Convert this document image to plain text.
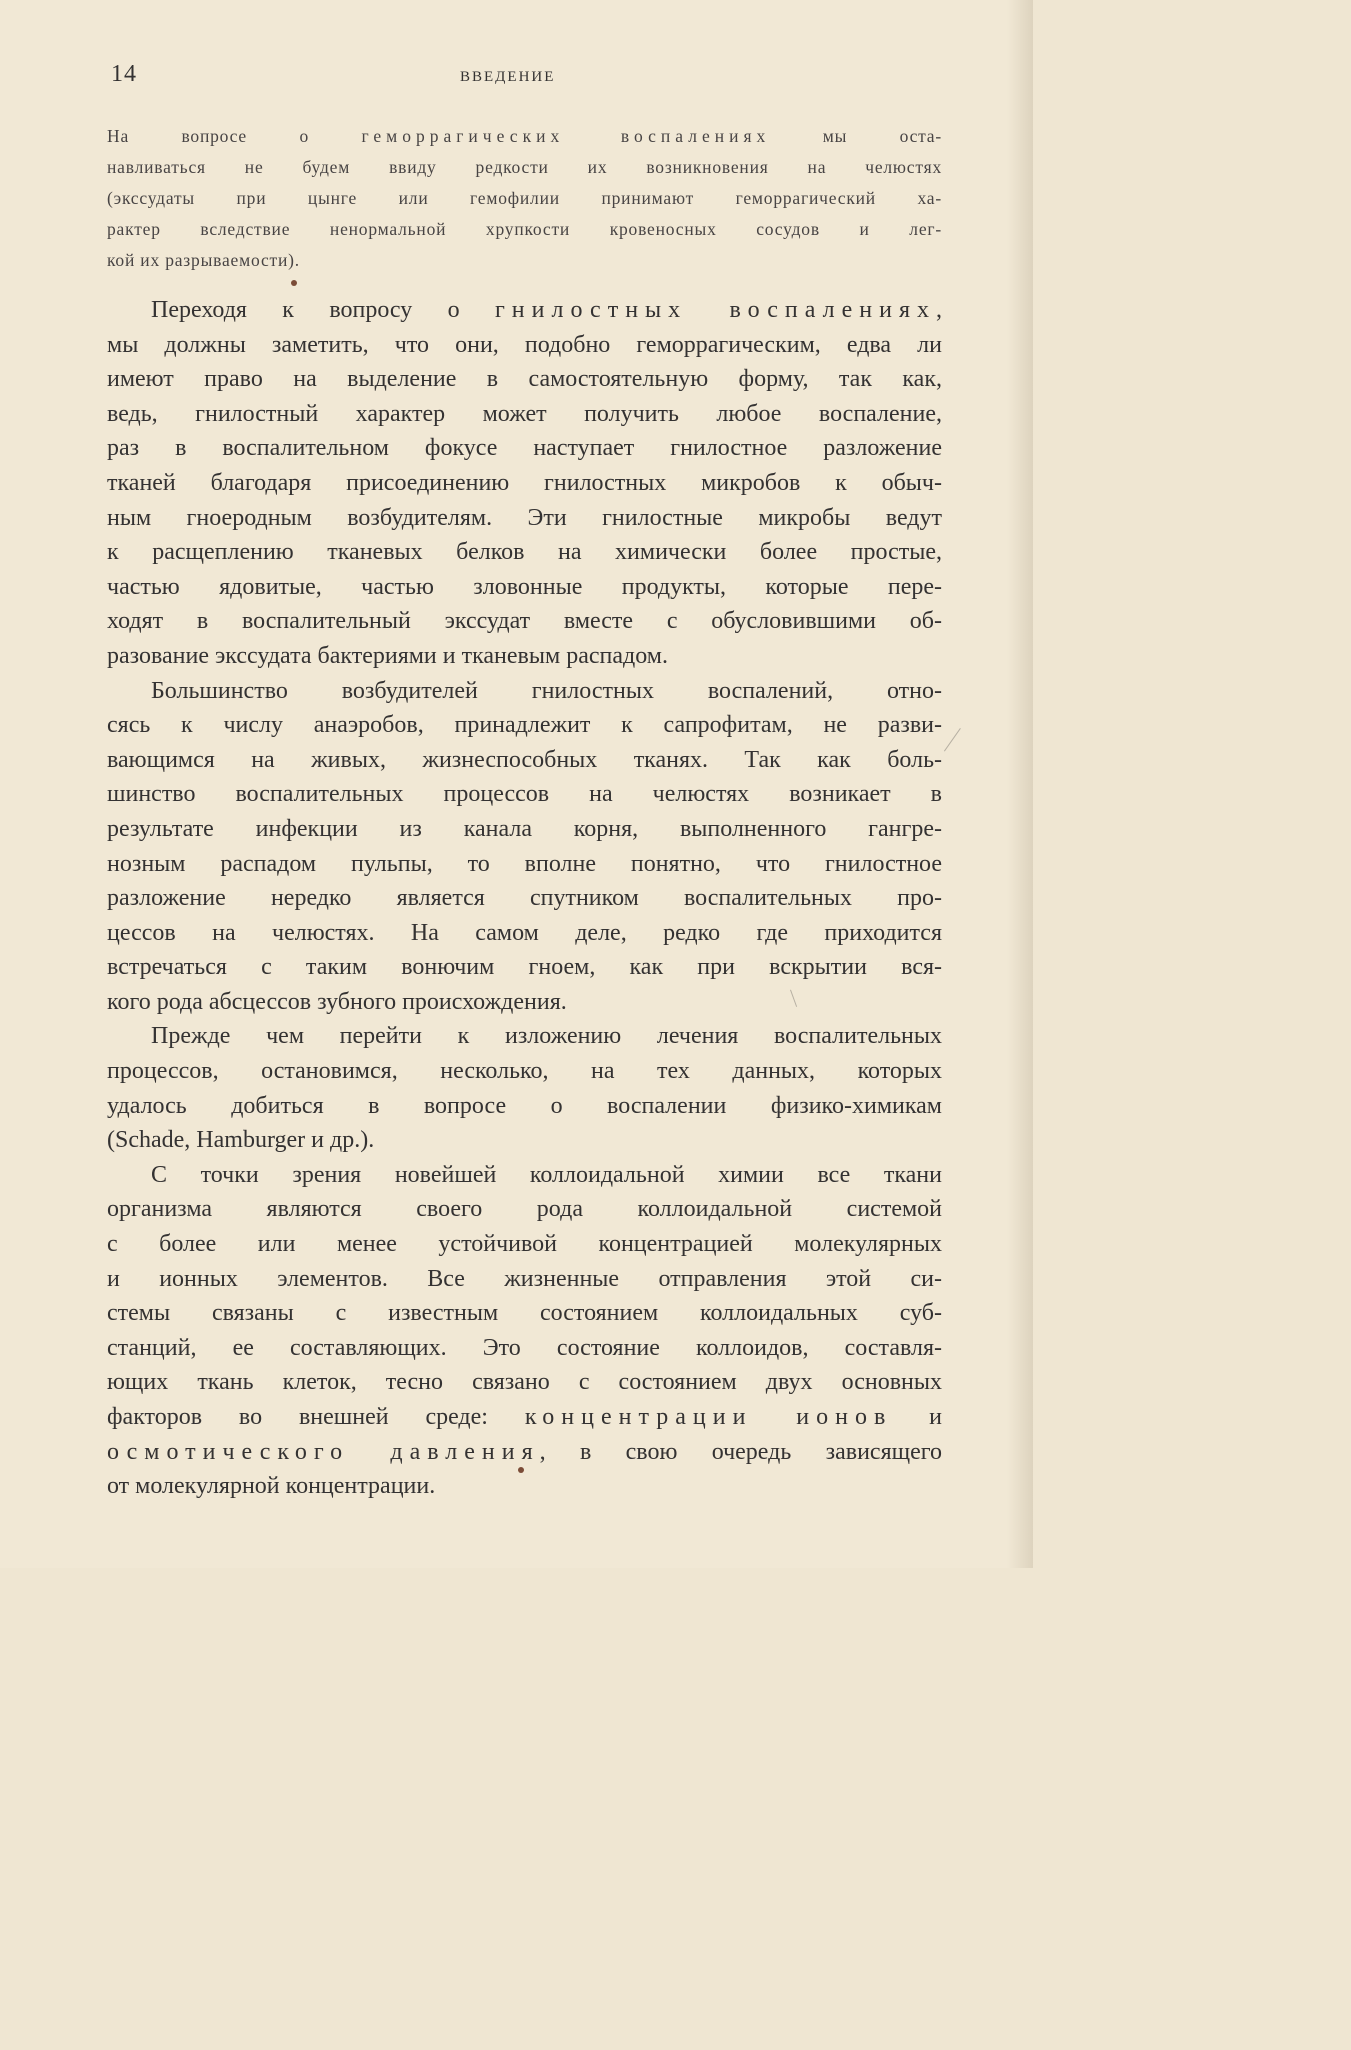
14	ВВЕДЕНИЕ
На вопросе о геморрагических воспалениях мы оста-
навливаться не будем ввиду редкости их возникновения на челюстях
(экссудаты при цынге или гемофилии принимают геморрагический ха-
рактер вследствие ненормальной хрупкости кровеносных сосудов и лег-
кой их разрываемости).
Переходя к вопросу о гнилостных воспалениях,
мы должны заметить, что они, подобно геморрагическим, едва ли
имеют право на выделение в самостоятельную форму, так как,
ведь, гнилостный характер может получить любое воспаление,
раз в воспалительном фокусе наступает гнилостное разложение
тканей благодаря присоединению гнилостных микробов к обыч-
ным гноеродным возбудителям. Эти гнилостные микробы ведут
к расщеплению тканевых белков на химически более простые,
частью ядовитые, частью зловонные продукты, которые пере-
ходят в воспалительный экссудат вместе с обусловившими об-
разование экссудата бактериями и тканевым распадом.
Большинство возбудителей гнилостных воспалений, отно-
сясь к числу анаэробов, принадлежит к сапрофитам, не разви-
вающимся на живых, жизнеспособных тканях. Так как боль-
шинство воспалительных процессов на челюстях возникает в
результате инфекции из канала корня, выполненного гангре-
нозным распадом пульпы, то вполне понятно, что гнилостное
разложение нередко является спутником воспалительных про-
цессов на челюстях. На самом деле, редко где приходится
встречаться с таким вонючим гноем, как при вскрытии вся-
кого рода абсцессов зубного происхождения.
Прежде чем перейти к изложению лечения воспалительных
процессов, остановимся, несколько, на тех данных, которых
удалось добиться в вопросе о воспалении физико-химикам
(Schade, Hamburger и др.).
С точки зрения новейшей коллоидальной химии все ткани
организма являются своего рода коллоидальной системой
с более или менее устойчивой концентрацией молекулярных
и ионных элементов. Все жизненные отправления этой си-
стемы связаны с известным состоянием коллоидальных суб-
станций, ее составляющих. Это состояние коллоидов, составля-
ющих ткань клеток, тесно связано с состоянием двух основных
факторов во внешней среде: концентрации ионов и
осмотического давления, в свою очередь зависящего
от молекулярной концентрации.
